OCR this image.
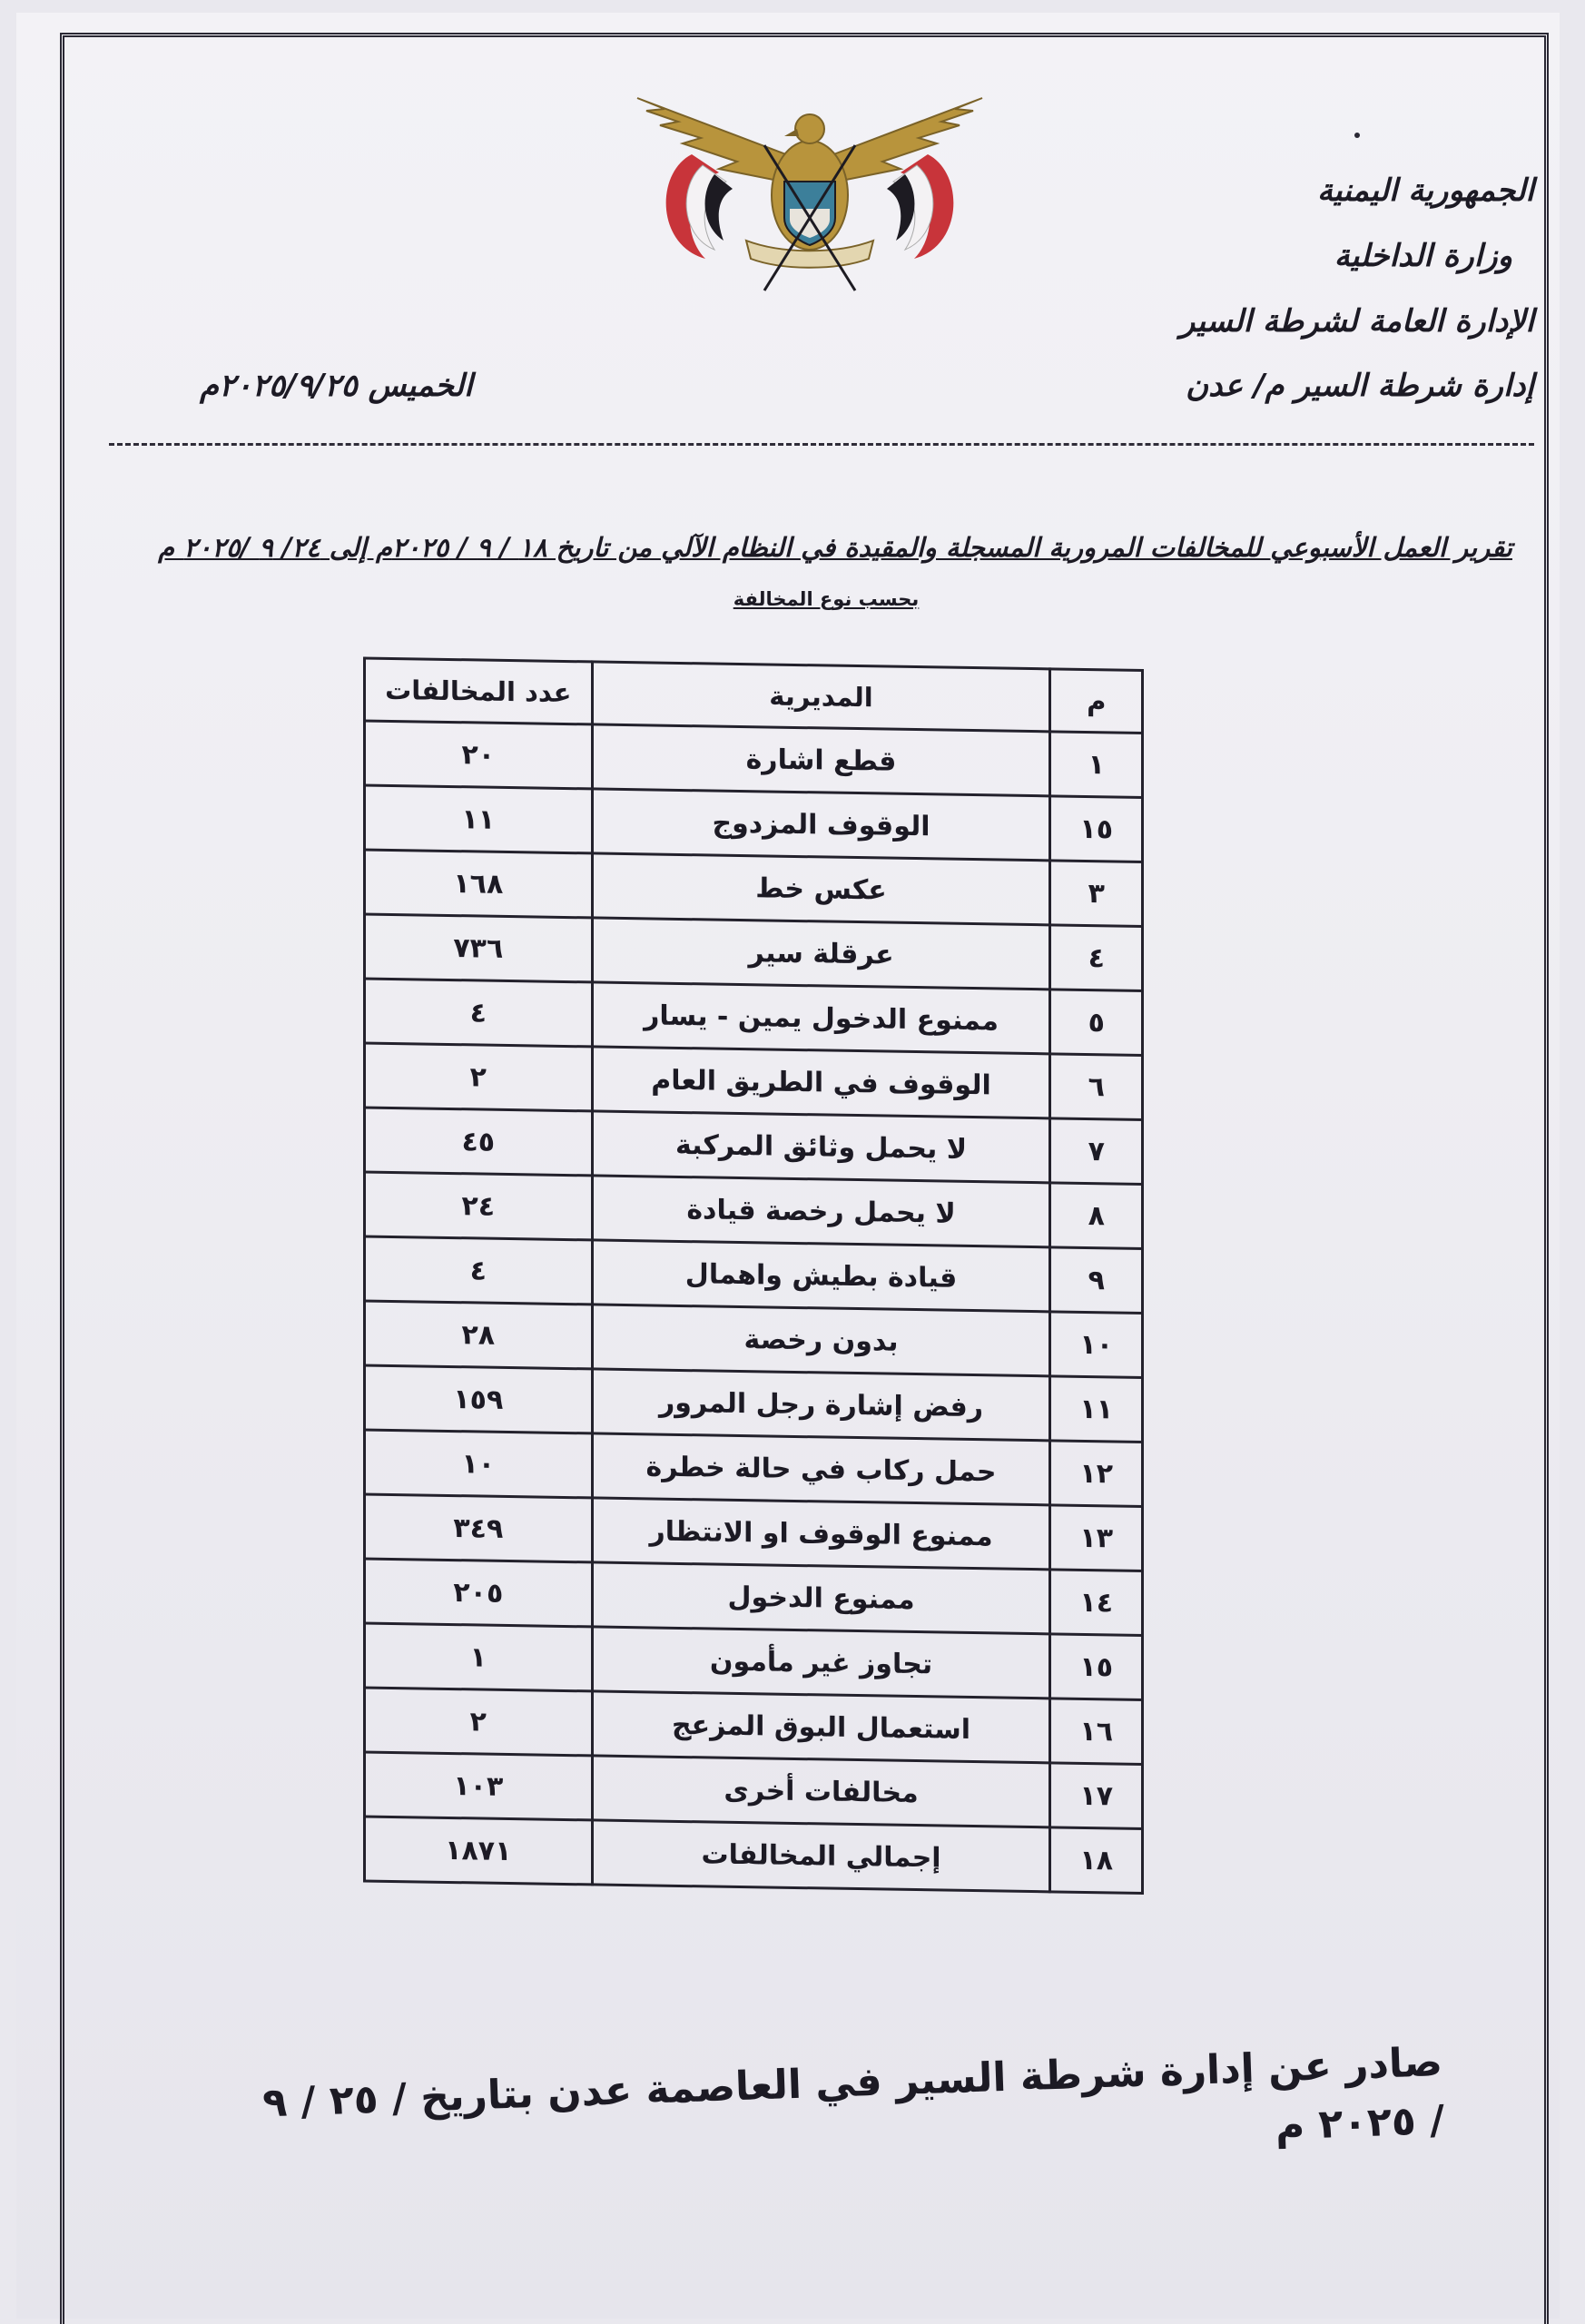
الجمهورية اليمنية
وزارة الداخلية
الإدارة العامة لشرطة السير
إدارة شرطة السير م/ عدن
الخميس ٢٠٢٥/٩/٢٥م
تقرير العمل الأسبوعي للمخالفات المرورية المسجلة والمقيدة في النظام الآلي من تاريخ ١٨ / ٩ / ٢٠٢٥م إلى ٢٤/ ٩ /٢٠٢٥ م
بحسب نوع المخالفة
م	المديرية	عدد المخالفات
١	قطع اشارة	٢٠
١٥	الوقوف المزدوج	١١
٣	عكس خط	١٦٨
٤	عرقلة سير	٧٣٦
٥	ممنوع الدخول يمين - يسار	٤
٦	الوقوف في الطريق العام	٢
٧	لا يحمل وثائق المركبة	٤٥
٨	لا يحمل رخصة قيادة	٢٤
٩	قيادة بطيش واهمال	٤
١٠	بدون رخصة	٢٨
١١	رفض إشارة رجل المرور	١٥٩
١٢	حمل ركاب في حالة خطرة	١٠
١٣	ممنوع الوقوف او الانتظار	٣٤٩
١٤	ممنوع الدخول	٢٠٥
١٥	تجاوز غير مأمون	١
١٦	استعمال البوق المزعج	٢
١٧	مخالفات أخرى	١٠٣
١٨	إجمالي المخالفات	١٨٧١
صادر عن إدارة شرطة السير في العاصمة عدن بتاريخ / ٢٥ / ٩ / ٢٠٢٥ م
